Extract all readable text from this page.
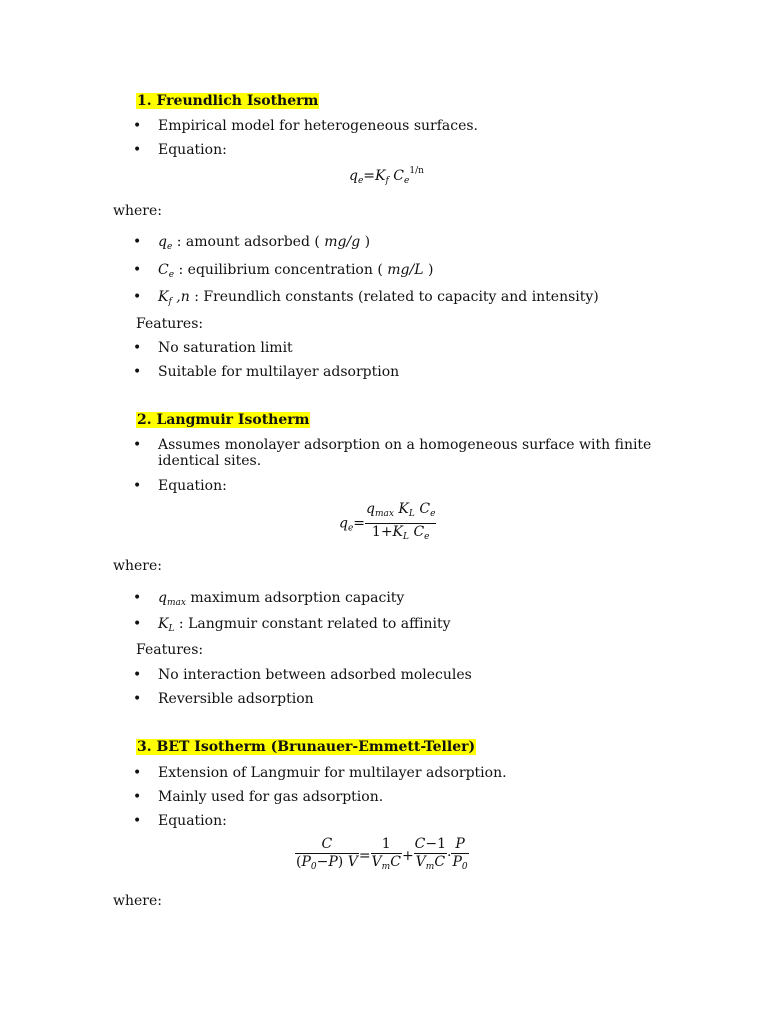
1. Freundlich Isotherm
• Empirical model for heterogeneous surfaces.
• Equation:
$q_e=K_f$ $C_e^{1/n}$
where:
• $q_e$ : amount adsorbed ( mg/g )
• $C_e$ : equilibrium concentration ( mg/L )
• $K_f$ ,n : Freundlich constants (related to capacity and intensity)
Features:
• No saturation limit
• Suitable for multilayer adsorption
2. Langmuir Isotherm
• Assumes monolayer adsorption on a homogeneous surface with finite identical sites.
• Equation:
$q_e= \frac{q_{max} K_L C_e}{1+K_L C_e}$
where:
• $q_{max}$ maximum adsorption capacity
• $K_L$ : Langmuir constant related to affinity
Features:
• No interaction between adsorbed molecules
• Reversible adsorption
3. BET Isotherm (Brunauer-Emmett-Teller)
• Extension of Langmuir for multilayer adsorption.
• Mainly used for gas adsorption.
• Equation:
$\frac{C}{(P_0-P) V} = \frac{1}{V_mC} + \frac{C-1}{V_mC} \cdot \frac{P}{P_0}$
where:
